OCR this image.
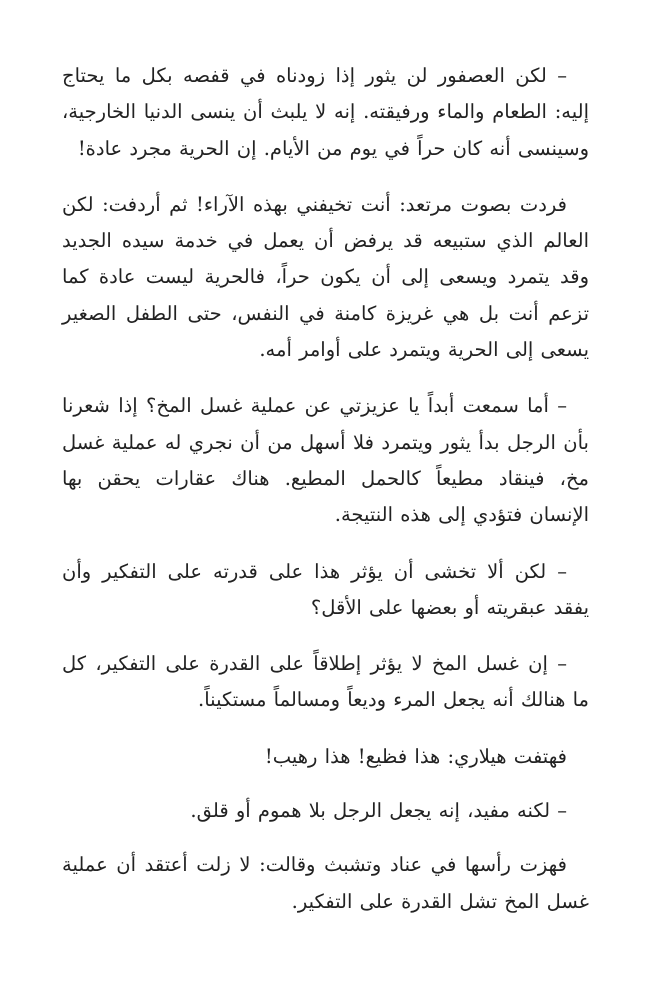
– لكن العصفور لن يثور إذا زودناه في قفصه بكل ما يحتاج إليه: الطعام والماء ورفيقته. إنه لا يلبث أن ينسى الدنيا الخارجية، وسينسى أنه كان حراً في يوم من الأيام. إن الحرية مجرد عادة!

فردت بصوت مرتعد: أنت تخيفني بهذه الآراء! ثم أردفت: لكن العالم الذي ستبيعه قد يرفض أن يعمل في خدمة سيده الجديد وقد يتمرد ويسعى إلى أن يكون حراً، فالحرية ليست عادة كما تزعم أنت بل هي غريزة كامنة في النفس، حتى الطفل الصغير يسعى إلى الحرية ويتمرد على أوامر أمه.

– أما سمعت أبداً يا عزيزتي عن عملية غسل المخ؟ إذا شعرنا بأن الرجل بدأ يثور ويتمرد فلا أسهل من أن نجري له عملية غسل مخ، فينقاد مطيعاً كالحمل المطيع. هناك عقارات يحقن بها الإنسان فتؤدي إلى هذه النتيجة.

– لكن ألا تخشى أن يؤثر هذا على قدرته على التفكير وأن يفقد عبقريته أو بعضها على الأقل؟

– إن غسل المخ لا يؤثر إطلاقاً على القدرة على التفكير، كل ما هنالك أنه يجعل المرء وديعاً ومسالماً مستكيناً.

فهتفت هيلاري: هذا فظيع! هذا رهيب!

– لكنه مفيد، إنه يجعل الرجل بلا هموم أو قلق.

فهزت رأسها في عناد وتشبث وقالت: لا زلت أعتقد أن عملية غسل المخ تشل القدرة على التفكير.
